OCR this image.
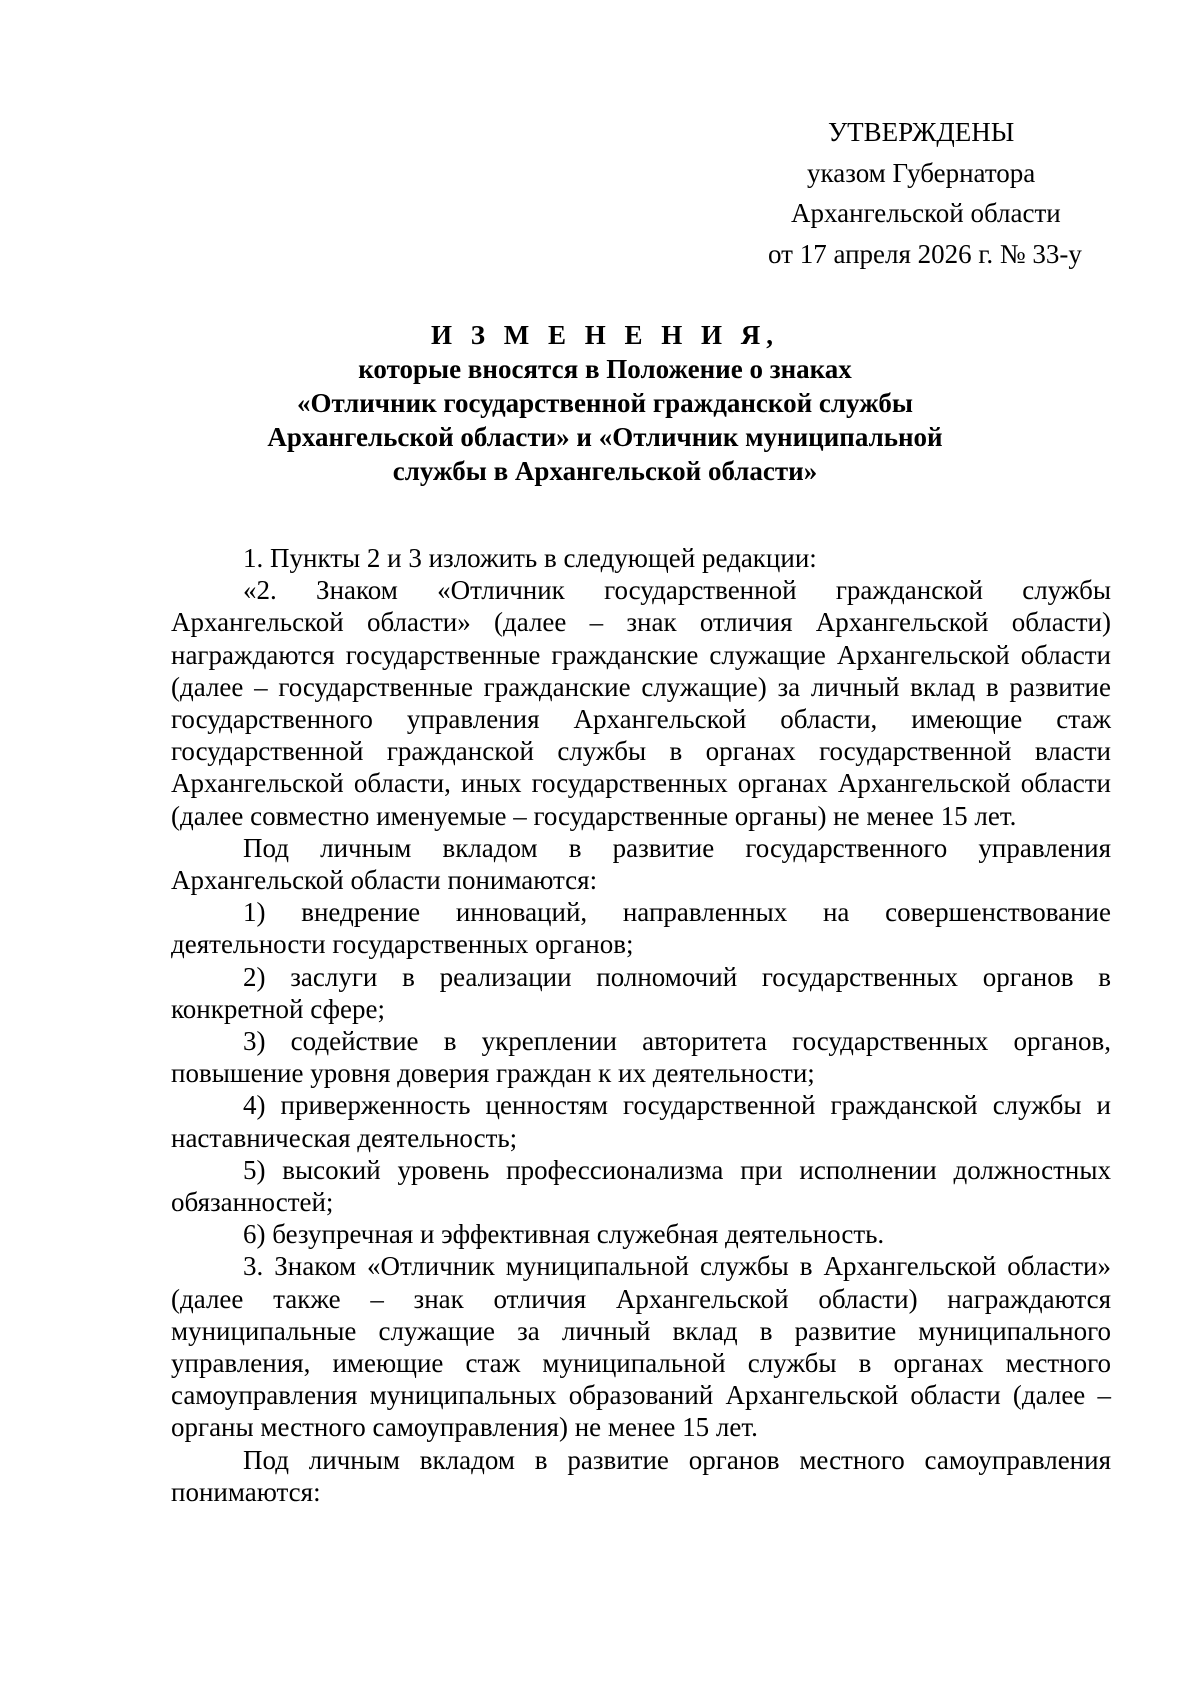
УТВЕРЖДЕНЫ
указом Губернатора
Архангельской области
от 17 апреля 2026 г. № 33-у
И З М Е Н Е Н И Я,
которые вносятся в Положение о знаках
«Отличник государственной гражданской службы
Архангельской области» и «Отличник муниципальной
службы в Архангельской области»

1. Пункты 2 и 3 изложить в следующей редакции:

«2. Знаком «Отличник государственной гражданской службы Архангельской области» (далее – знак отличия Архангельской области) награждаются государственные гражданские служащие Архангельской области (далее – государственные гражданские служащие) за личный вклад в развитие государственного управления Архангельской области, имеющие стаж государственной гражданской службы в органах государственной власти Архангельской области, иных государственных органах Архангельской области (далее совместно именуемые – государственные органы) не менее 15 лет.

Под личным вкладом в развитие государственного управления Архангельской области понимаются:

1) внедрение инноваций, направленных на совершенствование деятельности государственных органов;

2) заслуги в реализации полномочий государственных органов в конкретной сфере;

3) содействие в укреплении авторитета государственных органов, повышение уровня доверия граждан к их деятельности;

4) приверженность ценностям государственной гражданской службы и наставническая деятельность;

5) высокий уровень профессионализма при исполнении должностных обязанностей;

6) безупречная и эффективная служебная деятельность.

3. Знаком «Отличник муниципальной службы в Архангельской области» (далее также – знак отличия Архангельской области) награждаются муниципальные служащие за личный вклад в развитие муниципального управления, имеющие стаж муниципальной службы в органах местного самоуправления муниципальных образований Архангельской области (далее – органы местного самоуправления) не менее 15 лет.

Под личным вкладом в развитие органов местного самоуправления понимаются:
